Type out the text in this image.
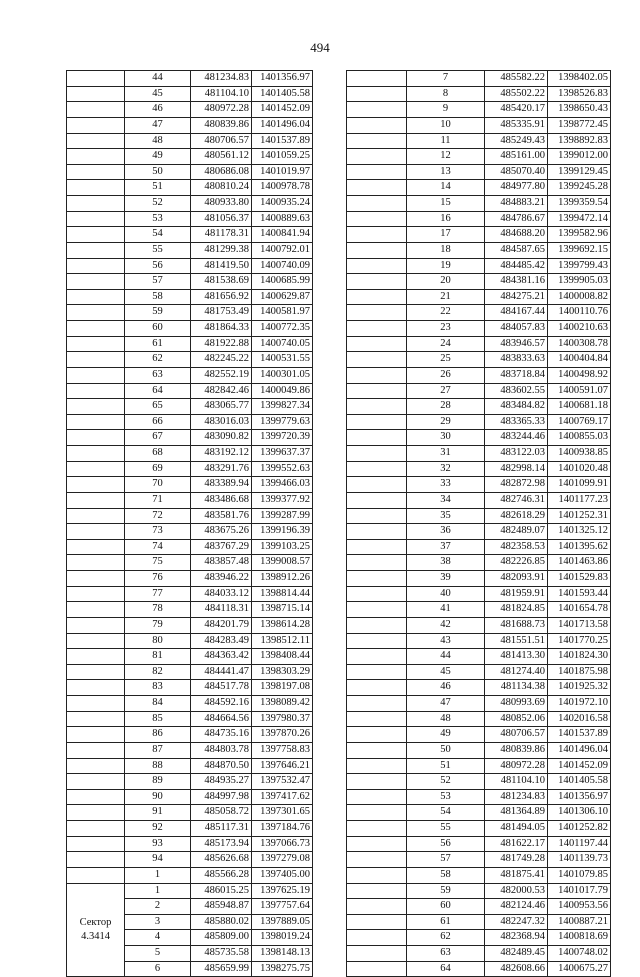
494
	44	481234.83	1401356.97
	45	481104.10	1401405.58
	46	480972.28	1401452.09
	47	480839.86	1401496.04
	48	480706.57	1401537.89
	49	480561.12	1401059.25
	50	480686.08	1401019.97
	51	480810.24	1400978.78
	52	480933.80	1400935.24
	53	481056.37	1400889.63
	54	481178.31	1400841.94
	55	481299.38	1400792.01
	56	481419.50	1400740.09
	57	481538.69	1400685.99
	58	481656.92	1400629.87
	59	481753.49	1400581.97
	60	481864.33	1400772.35
	61	481922.88	1400740.05
	62	482245.22	1400531.55
	63	482552.19	1400301.05
	64	482842.46	1400049.86
	65	483065.77	1399827.34
	66	483016.03	1399779.63
	67	483090.82	1399720.39
	68	483192.12	1399637.37
	69	483291.76	1399552.63
	70	483389.94	1399466.03
	71	483486.68	1399377.92
	72	483581.76	1399287.99
	73	483675.26	1399196.39
	74	483767.29	1399103.25
	75	483857.48	1399008.57
	76	483946.22	1398912.26
	77	484033.12	1398814.44
	78	484118.31	1398715.14
	79	484201.79	1398614.28
	80	484283.49	1398512.11
	81	484363.42	1398408.44
	82	484441.47	1398303.29
	83	484517.78	1398197.08
	84	484592.16	1398089.42
	85	484664.56	1397980.37
	86	484735.16	1397870.26
	87	484803.78	1397758.83
	88	484870.50	1397646.21
	89	484935.27	1397532.47
	90	484997.98	1397417.62
	91	485058.72	1397301.65
	92	485117.31	1397184.76
	93	485173.94	1397066.73
	94	485626.68	1397279.08
	1	485566.28	1397405.00

Сектор
4.3414	1	486015.25	1397625.19
	2	485948.87	1397757.64
	3	485880.02	1397889.05
	4	485809.00	1398019.24
	5	485735.58	1398148.13
	6	485659.99	1398275.75
	7	485582.22	1398402.05
	8	485502.22	1398526.83
	9	485420.17	1398650.43
	10	485335.91	1398772.45
	11	485249.43	1398892.83
	12	485161.00	1399012.00
	13	485070.40	1399129.45
	14	484977.80	1399245.28
	15	484883.21	1399359.54
	16	484786.67	1399472.14
	17	484688.20	1399582.96
	18	484587.65	1399692.15
	19	484485.42	1399799.43
	20	484381.16	1399905.03
	21	484275.21	1400008.82
	22	484167.44	1400110.76
	23	484057.83	1400210.63
	24	483946.57	1400308.78
	25	483833.63	1400404.84
	26	483718.84	1400498.92
	27	483602.55	1400591.07
	28	483484.82	1400681.18
	29	483365.33	1400769.17
	30	483244.46	1400855.03
	31	483122.03	1400938.85
	32	482998.14	1401020.48
	33	482872.98	1401099.91
	34	482746.31	1401177.23
	35	482618.29	1401252.31
	36	482489.07	1401325.12
	37	482358.53	1401395.62
	38	482226.85	1401463.86
	39	482093.91	1401529.83
	40	481959.91	1401593.44
	41	481824.85	1401654.78
	42	481688.73	1401713.58
	43	481551.51	1401770.25
	44	481413.30	1401824.30
	45	481274.40	1401875.98
	46	481134.38	1401925.32
	47	480993.69	1401972.10
	48	480852.06	1402016.58
	49	480706.57	1401537.89
	50	480839.86	1401496.04
	51	480972.28	1401452.09
	52	481104.10	1401405.58
	53	481234.83	1401356.97
	54	481364.89	1401306.10
	55	481494.05	1401252.82
	56	481622.17	1401197.44
	57	481749.28	1401139.73
	58	481875.41	1401079.85
	59	482000.53	1401017.79
	60	482124.46	1400953.56
	61	482247.32	1400887.21
	62	482368.94	1400818.69
	63	482489.45	1400748.02
	64	482608.66	1400675.27
